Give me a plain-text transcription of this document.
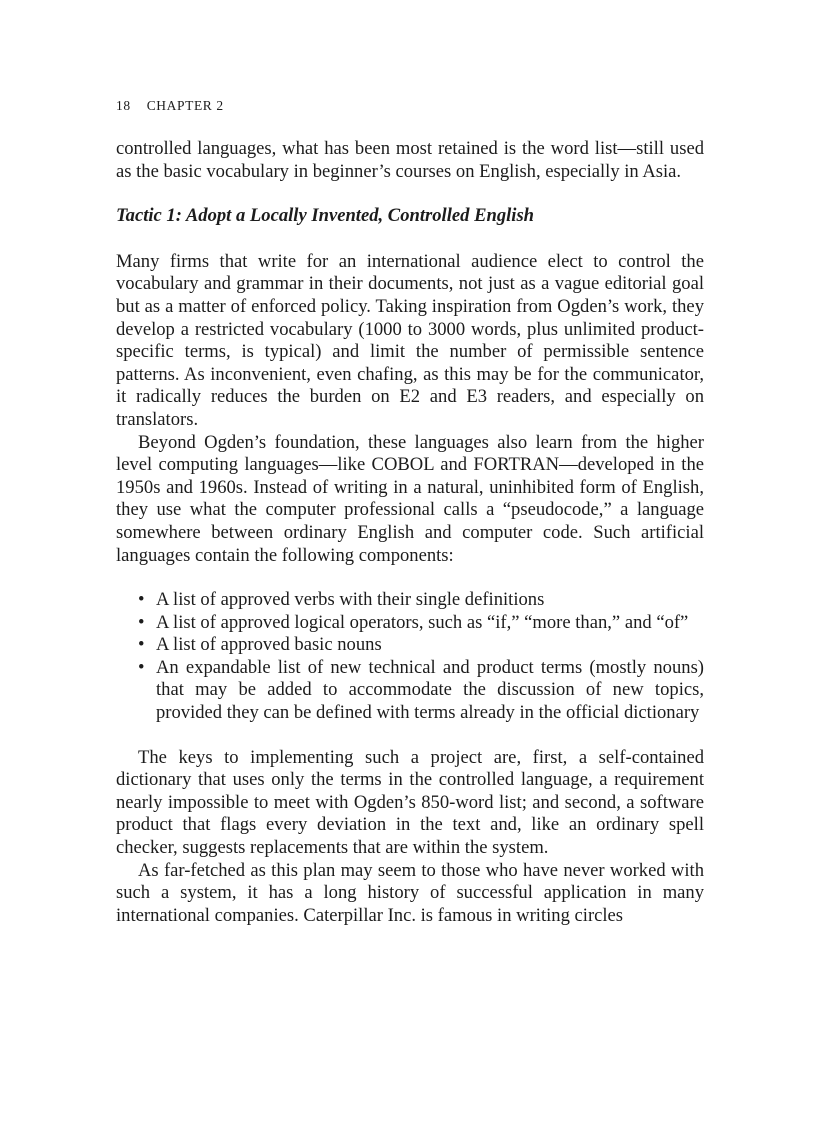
18 CHAPTER 2

controlled languages, what has been most retained is the word list—still used as the basic vocabulary in beginner’s courses on English, especially in Asia.

Tactic 1: Adopt a Locally Invented, Controlled English

Many firms that write for an international audience elect to control the vocabulary and grammar in their documents, not just as a vague editorial goal but as a matter of enforced policy. Taking inspiration from Ogden’s work, they develop a restricted vocabulary (1000 to 3000 words, plus unlimited product-specific terms, is typical) and limit the number of permissible sentence patterns. As inconvenient, even chafing, as this may be for the communicator, it radically reduces the burden on E2 and E3 readers, and especially on translators.

Beyond Ogden’s foundation, these languages also learn from the higher level computing languages—like COBOL and FORTRAN—developed in the 1950s and 1960s. Instead of writing in a natural, uninhibited form of English, they use what the computer professional calls a “pseudocode,” a language somewhere between ordinary English and computer code. Such artificial languages contain the following components:

• A list of approved verbs with their single definitions
• A list of approved logical operators, such as “if,” “more than,” and “of”
• A list of approved basic nouns
• An expandable list of new technical and product terms (mostly nouns) that may be added to accommodate the discussion of new topics, provided they can be defined with terms already in the official dictionary

The keys to implementing such a project are, first, a self-contained dictionary that uses only the terms in the controlled language, a requirement nearly impossible to meet with Ogden’s 850-word list; and second, a software product that flags every deviation in the text and, like an ordinary spell checker, suggests replacements that are within the system.

As far-fetched as this plan may seem to those who have never worked with such a system, it has a long history of successful application in many international companies. Caterpillar Inc. is famous in writing circles
